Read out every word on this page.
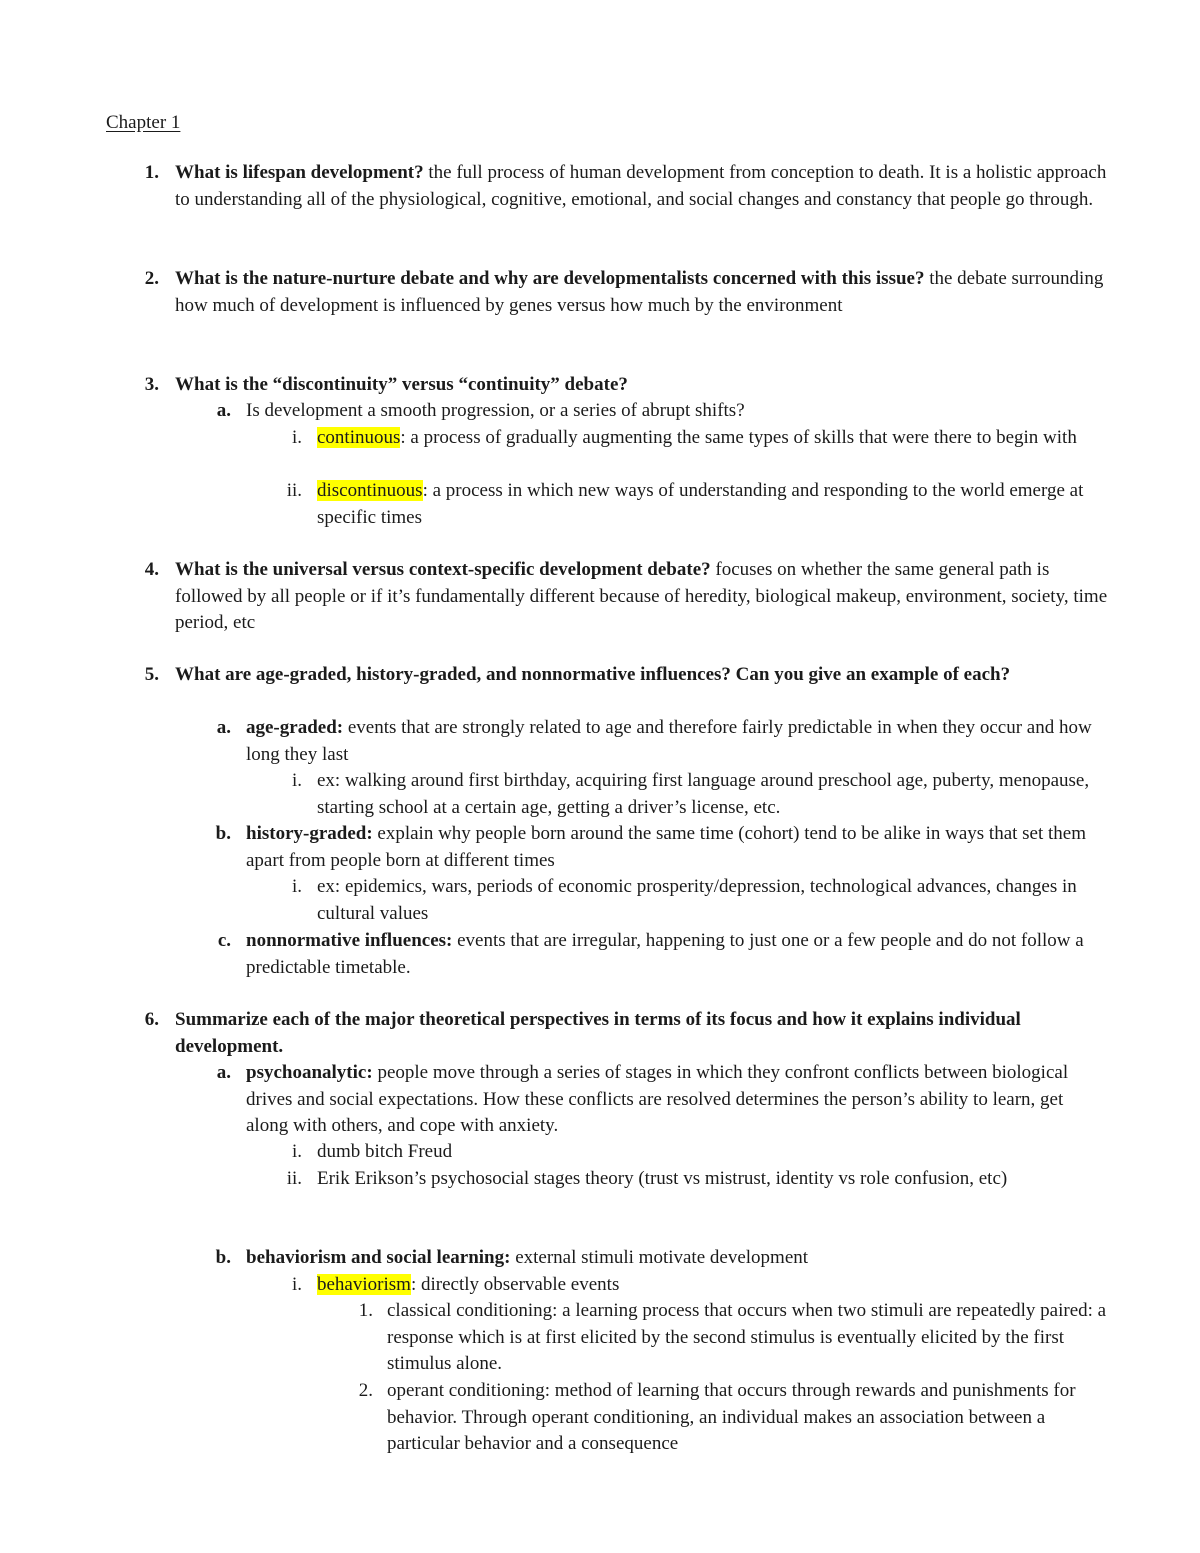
Chapter 1
1. What is lifespan development? the full process of human development from conception to death. It is a holistic approach to understanding all of the physiological, cognitive, emotional, and social changes and constancy that people go through.
2. What is the nature-nurture debate and why are developmentalists concerned with this issue? the debate surrounding how much of development is influenced by genes versus how much by the environment
3. What is the “discontinuity” versus “continuity” debate?
a. Is development a smooth progression, or a series of abrupt shifts?
i. continuous: a process of gradually augmenting the same types of skills that were there to begin with
ii. discontinuous: a process in which new ways of understanding and responding to the world emerge at specific times
4. What is the universal versus context-specific development debate? focuses on whether the same general path is followed by all people or if it’s fundamentally different because of heredity, biological makeup, environment, society, time period, etc
5. What are age-graded, history-graded, and nonnormative influences? Can you give an example of each?
a. age-graded: events that are strongly related to age and therefore fairly predictable in when they occur and how long they last
i. ex: walking around first birthday, acquiring first language around preschool age, puberty, menopause, starting school at a certain age, getting a driver’s license, etc.
b. history-graded: explain why people born around the same time (cohort) tend to be alike in ways that set them apart from people born at different times
i. ex: epidemics, wars, periods of economic prosperity/depression, technological advances, changes in cultural values
c. nonnormative influences: events that are irregular, happening to just one or a few people and do not follow a predictable timetable.
6. Summarize each of the major theoretical perspectives in terms of its focus and how it explains individual development.
a. psychoanalytic: people move through a series of stages in which they confront conflicts between biological drives and social expectations. How these conflicts are resolved determines the person’s ability to learn, get along with others, and cope with anxiety.
i. dumb bitch Freud
ii. Erik Erikson’s psychosocial stages theory (trust vs mistrust, identity vs role confusion, etc)
b. behaviorism and social learning: external stimuli motivate development
i. behaviorism: directly observable events
1. classical conditioning: a learning process that occurs when two stimuli are repeatedly paired: a response which is at first elicited by the second stimulus is eventually elicited by the first stimulus alone.
2. operant conditioning: method of learning that occurs through rewards and punishments for behavior. Through operant conditioning, an individual makes an association between a particular behavior and a consequence
